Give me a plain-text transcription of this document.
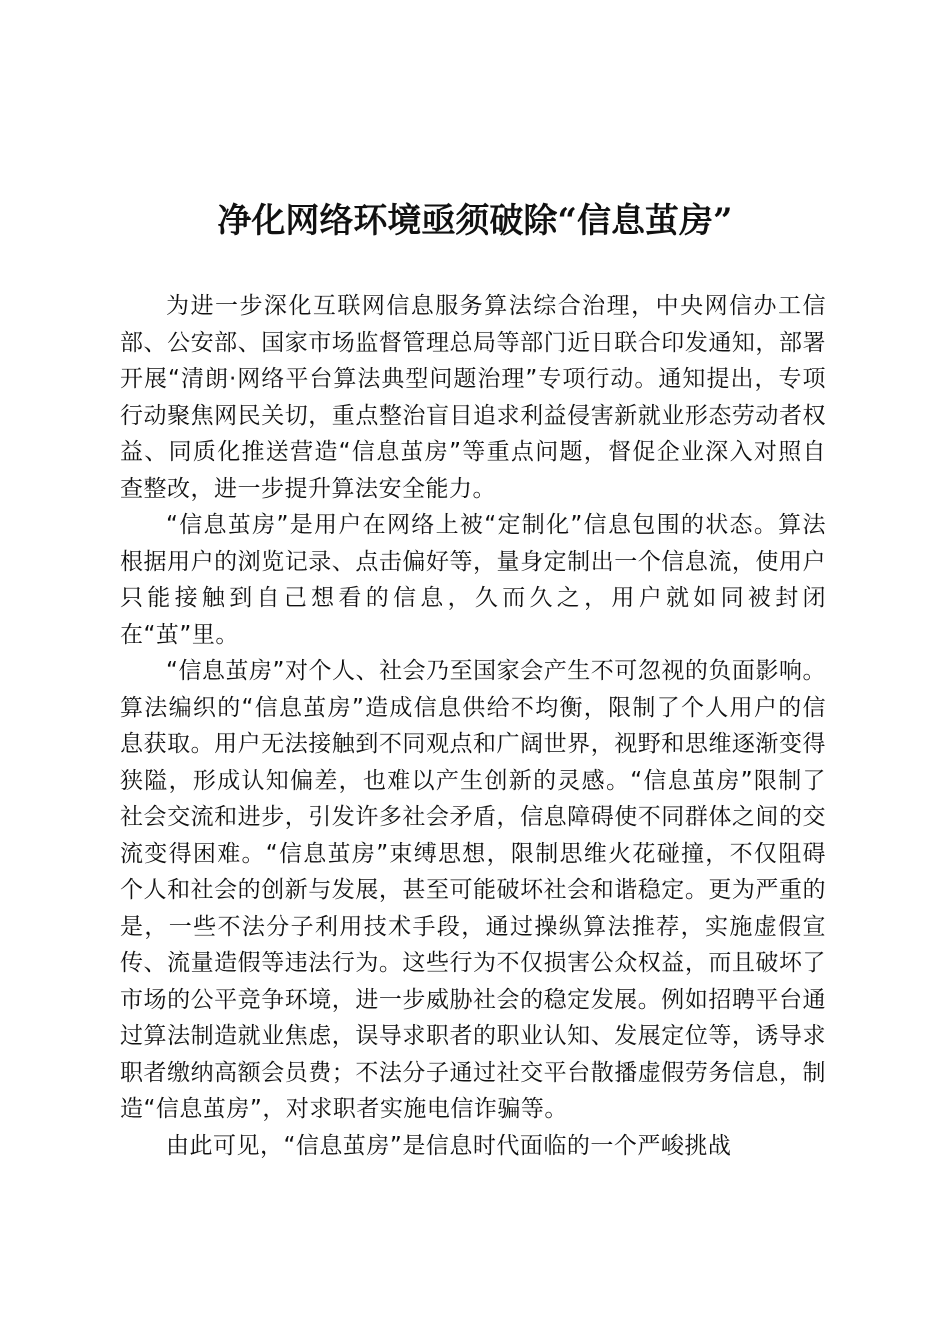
净化网络环境亟须破除“信息茧房”

为进一步深化互联网信息服务算法综合治理，中央网信办工信部、公安部、国家市场监督管理总局等部门近日联合印发通知，部署开展“清朗·网络平台算法典型问题治理”专项行动。通知提出，专项行动聚焦网民关切，重点整治盲目追求利益侵害新就业形态劳动者权益、同质化推送营造“信息茧房”等重点问题，督促企业深入对照自查整改，进一步提升算法安全能力。

“信息茧房”是用户在网络上被“定制化”信息包围的状态。算法根据用户的浏览记录、点击偏好等，量身定制出一个信息流，使用户只能接触到自己想看的信息，久而久之，用户就如同被封闭在“茧”里。

“信息茧房”对个人、社会乃至国家会产生不可忽视的负面影响。算法编织的“信息茧房”造成信息供给不均衡，限制了个人用户的信息获取。用户无法接触到不同观点和广阔世界，视野和思维逐渐变得狭隘，形成认知偏差，也难以产生创新的灵感。“信息茧房”限制了社会交流和进步，引发许多社会矛盾，信息障碍使不同群体之间的交流变得困难。“信息茧房”束缚思想，限制思维火花碰撞，不仅阻碍个人和社会的创新与发展，甚至可能破坏社会和谐稳定。更为严重的是，一些不法分子利用技术手段，通过操纵算法推荐，实施虚假宣传、流量造假等违法行为。这些行为不仅损害公众权益，而且破坏了市场的公平竞争环境，进一步威胁社会的稳定发展。例如招聘平台通过算法制造就业焦虑，误导求职者的职业认知、发展定位等，诱导求职者缴纳高额会员费；不法分子通过社交平台散播虚假劳务信息，制造“信息茧房”，对求职者实施电信诈骗等。

由此可见，“信息茧房”是信息时代面临的一个严峻挑战
